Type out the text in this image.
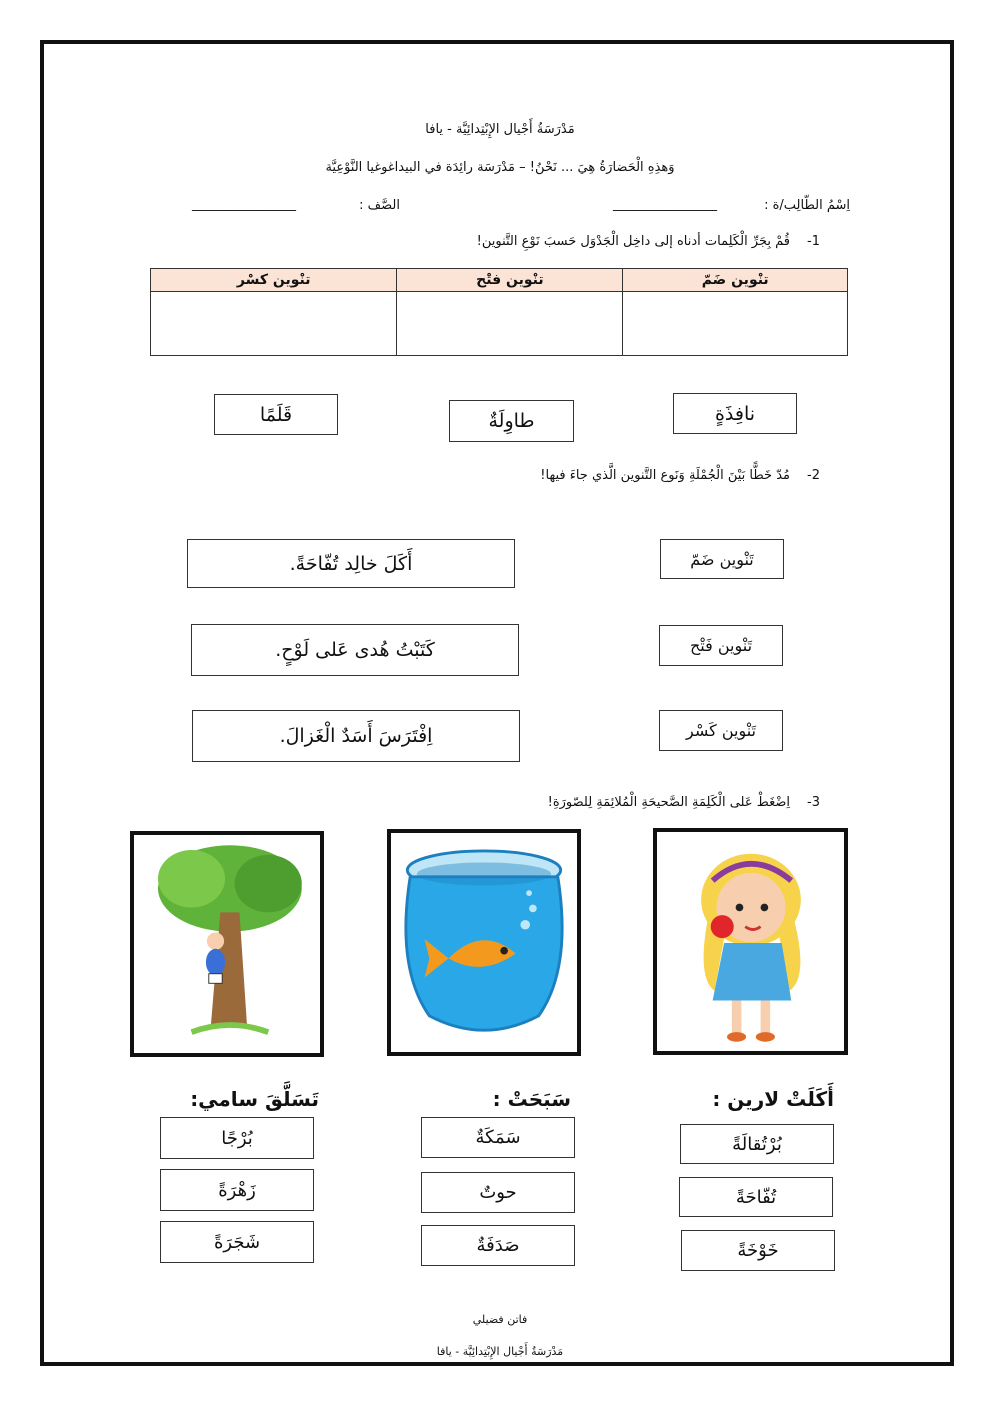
مَدْرَسَةُ أَجْيال الإِبْتِدائِيَّة - يافا
وَهذِهِ الْحَضارَةُ هِيَ ... نَحْنُ! – مَدْرَسَة رائِدَة في البيداغوغيا النَّوْعِيَّة
اِسْمُ الطّالِب/ة :
________________
الصَّف :
________________
-1
قُمْ بِجَرِّ الْكَلِمات أدناه إلى داخِل الْجَدْوَل حَسبَ نَوْعِ التَّنوين!
تنْوين ضَمّ	تنْوين فتْح	تنْوين كسْر

نافِذَةٍ
طاوِلَةٌ
قَلَمًا
-2
مُدّ خَطًّا بَيْنَ الْجُمْلَةِ وَنَوع التَّنوين الَّذي جاءَ فيها!
أَكَلَ خالِد تُفّاحَةً.
كَتَبْتُ هُدى عَلى لَوْحٍ.
اِفْتَرَسَ أَسَدٌ الْغَزالَ.
تَنْوين ضَمّ
تَنْوين فَتْح
تَنْوين كَسْر
-3
اِضْغَطْ عَلى الْكَلِمَةِ الصَّحيحَةِ الْمُلائِمَةِ لِلصّورَةِ!
أَكَلَتْ لارين :
سَبَحَتْ :
تَسَلَّقَ سامي:
بُرْتُقالَةً
تُفّاحَةً
خَوْخَةً
سَمَكَةٌ
حوتٌ
صَدَفَةٌ
بُرْجًا
زَهْرَةً
شَجَرَةً
فاتن فضيلي
مَدْرَسَةُ أَجْيال الإِبْتِدائِيَّة - يافا
